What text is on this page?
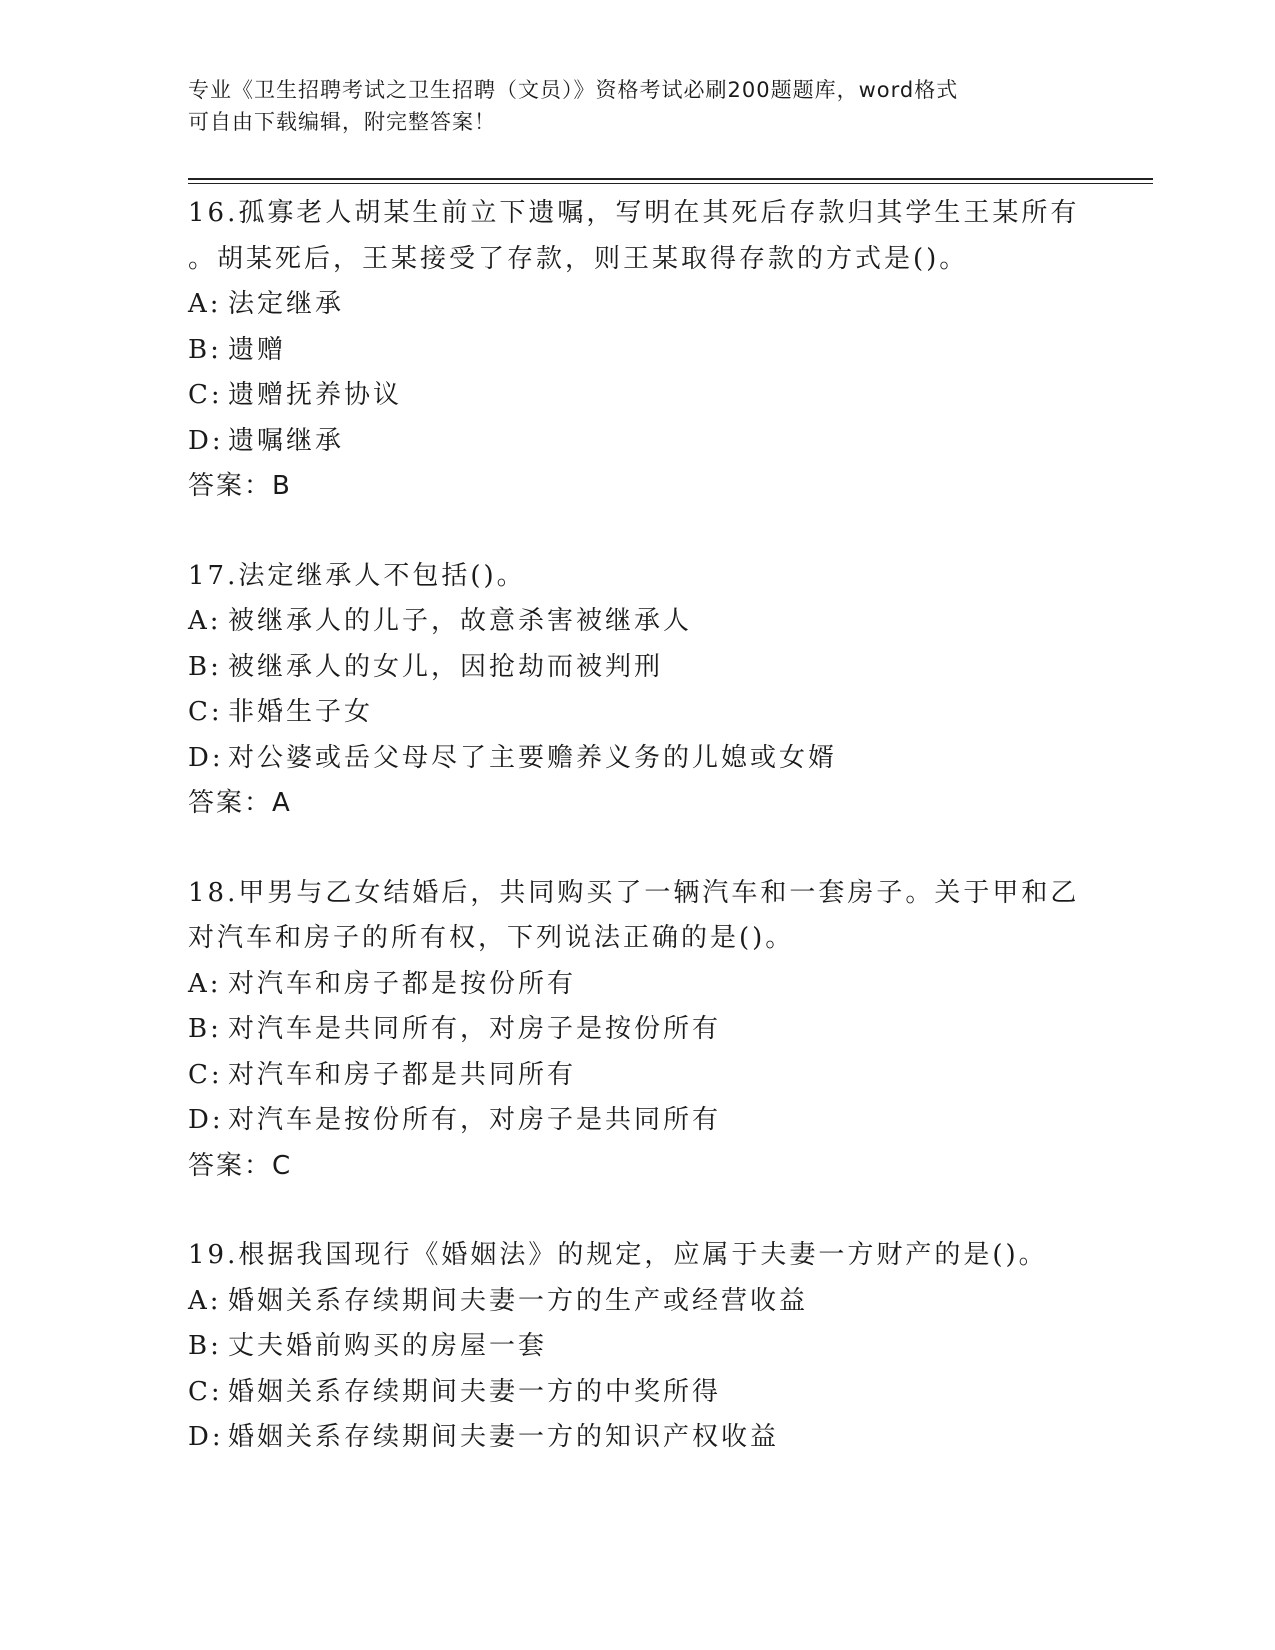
专业《卫生招聘考试之卫生招聘（文员）》资格考试必刷200题题库，word格式
可自由下载编辑，附完整答案！
16.孤寡老人胡某生前立下遗嘱，写明在其死后存款归其学生王某所有
。胡某死后，王某接受了存款，则王某取得存款的方式是()。
A: 法定继承
B: 遗赠
C: 遗赠抚养协议
D: 遗嘱继承
答案：B
17.法定继承人不包括()。
A: 被继承人的儿子，故意杀害被继承人
B: 被继承人的女儿，因抢劫而被判刑
C: 非婚生子女
D: 对公婆或岳父母尽了主要赡养义务的儿媳或女婿
答案：A
18.甲男与乙女结婚后，共同购买了一辆汽车和一套房子。关于甲和乙
对汽车和房子的所有权，下列说法正确的是()。
A: 对汽车和房子都是按份所有
B: 对汽车是共同所有，对房子是按份所有
C: 对汽车和房子都是共同所有
D: 对汽车是按份所有，对房子是共同所有
答案：C
19.根据我国现行《婚姻法》的规定，应属于夫妻一方财产的是()。
A: 婚姻关系存续期间夫妻一方的生产或经营收益
B: 丈夫婚前购买的房屋一套
C: 婚姻关系存续期间夫妻一方的中奖所得
D: 婚姻关系存续期间夫妻一方的知识产权收益
